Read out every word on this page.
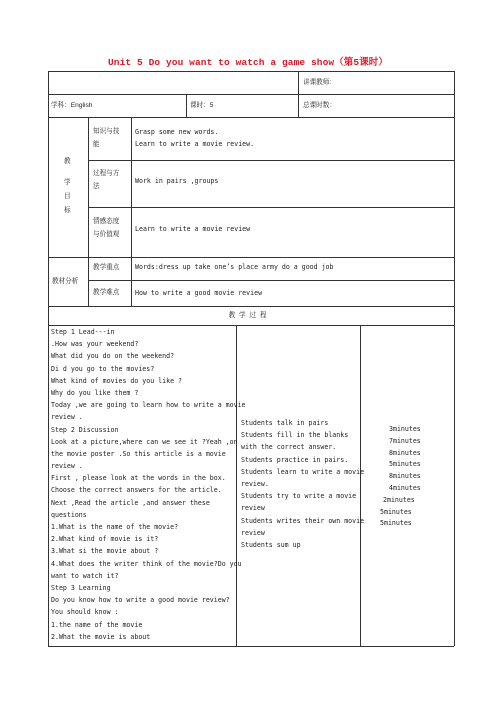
Unit 5 Do you want to watch a game show（第5课时）
讲课教师:
学科：English	课时：5	总课时数：
教
学
目
标
知识与技
能
Grasp some new words.
Learn to write a movie review.
过程与方
法
Work in pairs ,groups
情感态度
与价值观
Learn to write a movie review
教材分析
教学重点 Words:dress up take one’s place army do a good job
教学难点 How to write a good movie review
教 学 过 程
Step 1 Lead---in
.How was your weekend?
What did you do on the weekend?
Di d you go to the movies?
What kind of movies do you like ?
Why do you like them ?
Today ,we are going to learn how to write a movie
review .
Step 2 Discussion
Look at a picture,where can we see it ?Yeah ,on
the movie poster .So this article is a movie
review .
First , please look at the words in the box.
Choose the correct answers for the article.
Next ,Read the article ,and answer these
questions
1.What is the name of the movie?
2.What kind of movie is it?
3.What si the movie about ?
4.What does the writer think of the movie?Do you
want to watch it?
Step 3 Learning
Do you know how to write a good movie review?
You should know :
1.the name of the movie
2.What the movie is about
Students talk in pairs
Students fill in the blanks
with the correct answer.
Students practice in pairs.
Students learn to write a movie
review.
Students try to write a movie
review
Students writes their own movie
review
Students sum up
3minutes
7minutes
8minutes
5minutes
8minutes
4minutes
2minutes
5minutes
5minutes
